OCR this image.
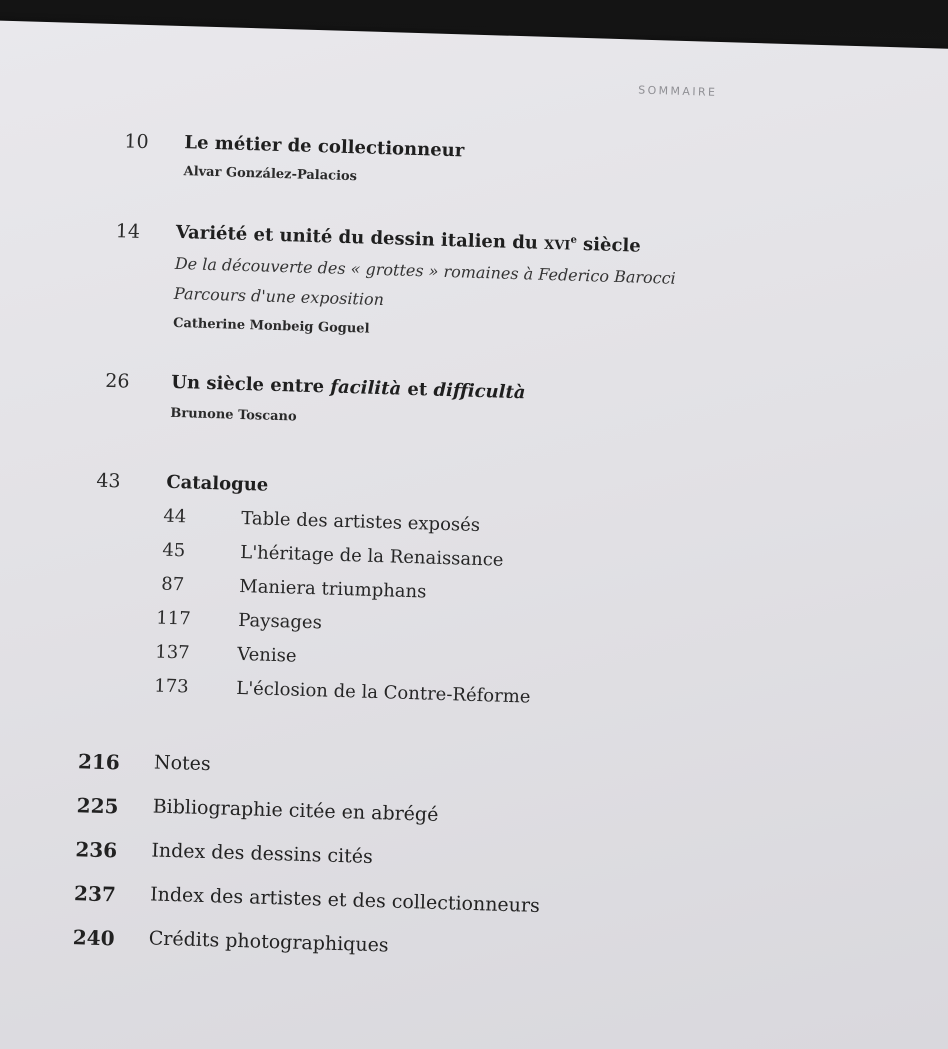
SOMMAIRE
10 Le métier de collectionneur
Alvar González-Palacios
14 Variété et unité du dessin italien du xvi$^e$ siècle
De la découverte des « grottes » romaines à Federico Barocci
Parcours d'une exposition
Catherine Monbeig Goguel
26 Un siècle entre facilità et difficultà
Brunone Toscano
43	Catalogue
44	Table des artistes exposés
45	L'héritage de la Renaissance
87	Maniera triumphans
117	Paysages
137	Venise
173	L'éclosion de la Contre-Réforme
216 Notes
225 Bibliographie citée en abrégé
236 Index des dessins cités
237 Index des artistes et des collectionneurs
240 Crédits photographiques
